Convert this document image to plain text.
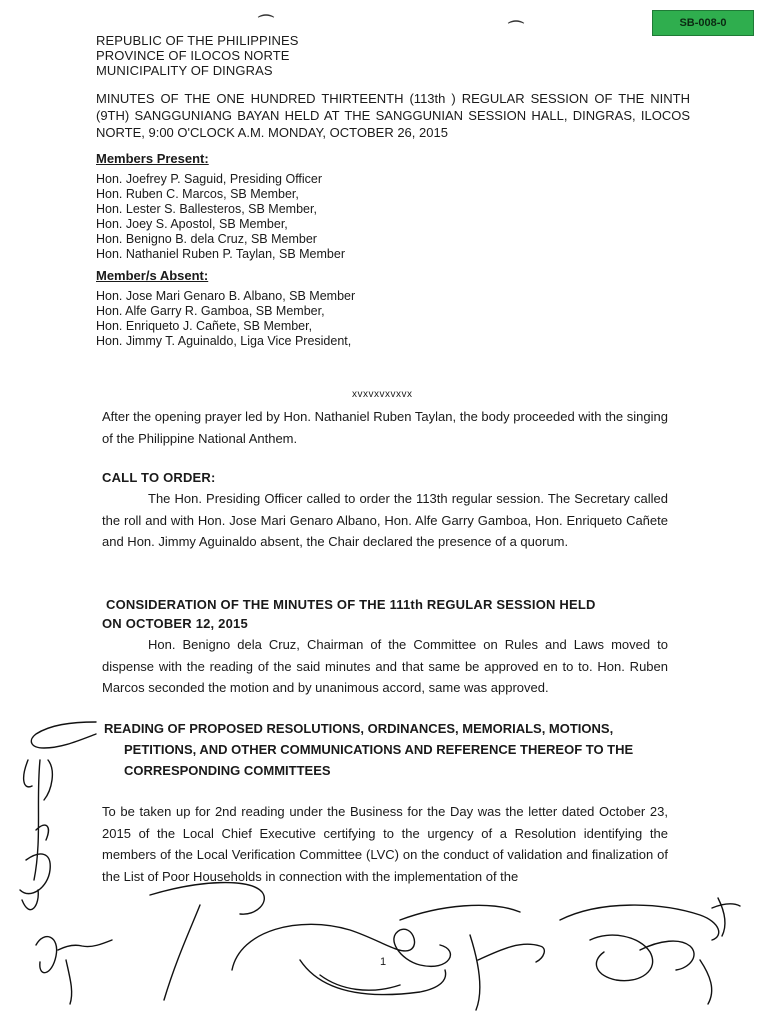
SB-008-0
⌒	⌒
REPUBLIC OF THE PHILIPPINES
PROVINCE OF ILOCOS NORTE
MUNICIPALITY OF DINGRAS
MINUTES OF THE ONE HUNDRED THIRTEENTH (113th ) REGULAR SESSION OF THE NINTH (9TH) SANGGUNIANG BAYAN HELD AT THE SANGGUNIAN SESSION HALL, DINGRAS, ILOCOS NORTE, 9:00 O'CLOCK A.M. MONDAY, OCTOBER 26, 2015
Members Present:
Hon. Joefrey P. Saguid, Presiding Officer
Hon. Ruben C. Marcos, SB Member,
Hon. Lester S. Ballesteros, SB Member,
Hon. Joey S. Apostol, SB Member,
Hon. Benigno B. dela Cruz, SB Member
Hon. Nathaniel Ruben P. Taylan, SB Member
Member/s Absent:
Hon. Jose Mari Genaro B. Albano, SB Member
Hon. Alfe Garry R. Gamboa, SB Member,
Hon. Enriqueto J. Cañete, SB Member,
Hon. Jimmy T. Aguinaldo, Liga Vice President,
xvxvxvxvxvx
After the opening prayer led by Hon. Nathaniel Ruben Taylan, the body proceeded with the singing of the Philippine National Anthem.
CALL TO ORDER:
The Hon. Presiding Officer called to order the 113th regular session. The Secretary called the roll and with Hon. Jose Mari Genaro Albano, Hon. Alfe Garry Gamboa, Hon. Enriqueto Cañete and Hon. Jimmy Aguinaldo absent, the Chair declared the presence of a quorum.
CONSIDERATION OF THE MINUTES OF THE 111th REGULAR SESSION HELD
ON OCTOBER 12, 2015
Hon. Benigno dela Cruz, Chairman of the Committee on Rules and Laws moved to dispense with the reading of the said minutes and that same be approved en to to. Hon. Ruben Marcos seconded the motion and by unanimous accord, same was approved.
READING OF PROPOSED RESOLUTIONS, ORDINANCES, MEMORIALS, MOTIONS,
PETITIONS, AND OTHER COMMUNICATIONS AND REFERENCE THEREOF TO THE CORRESPONDING COMMITTEES
To be taken up for 2nd reading under the Business for the Day was the letter dated October 23, 2015 of the Local Chief Executive certifying to the urgency of a Resolution identifying the members of the Local Verification Committee (LVC) on the conduct of validation and finalization of the List of Poor Households in connection with the implementation of the
1
